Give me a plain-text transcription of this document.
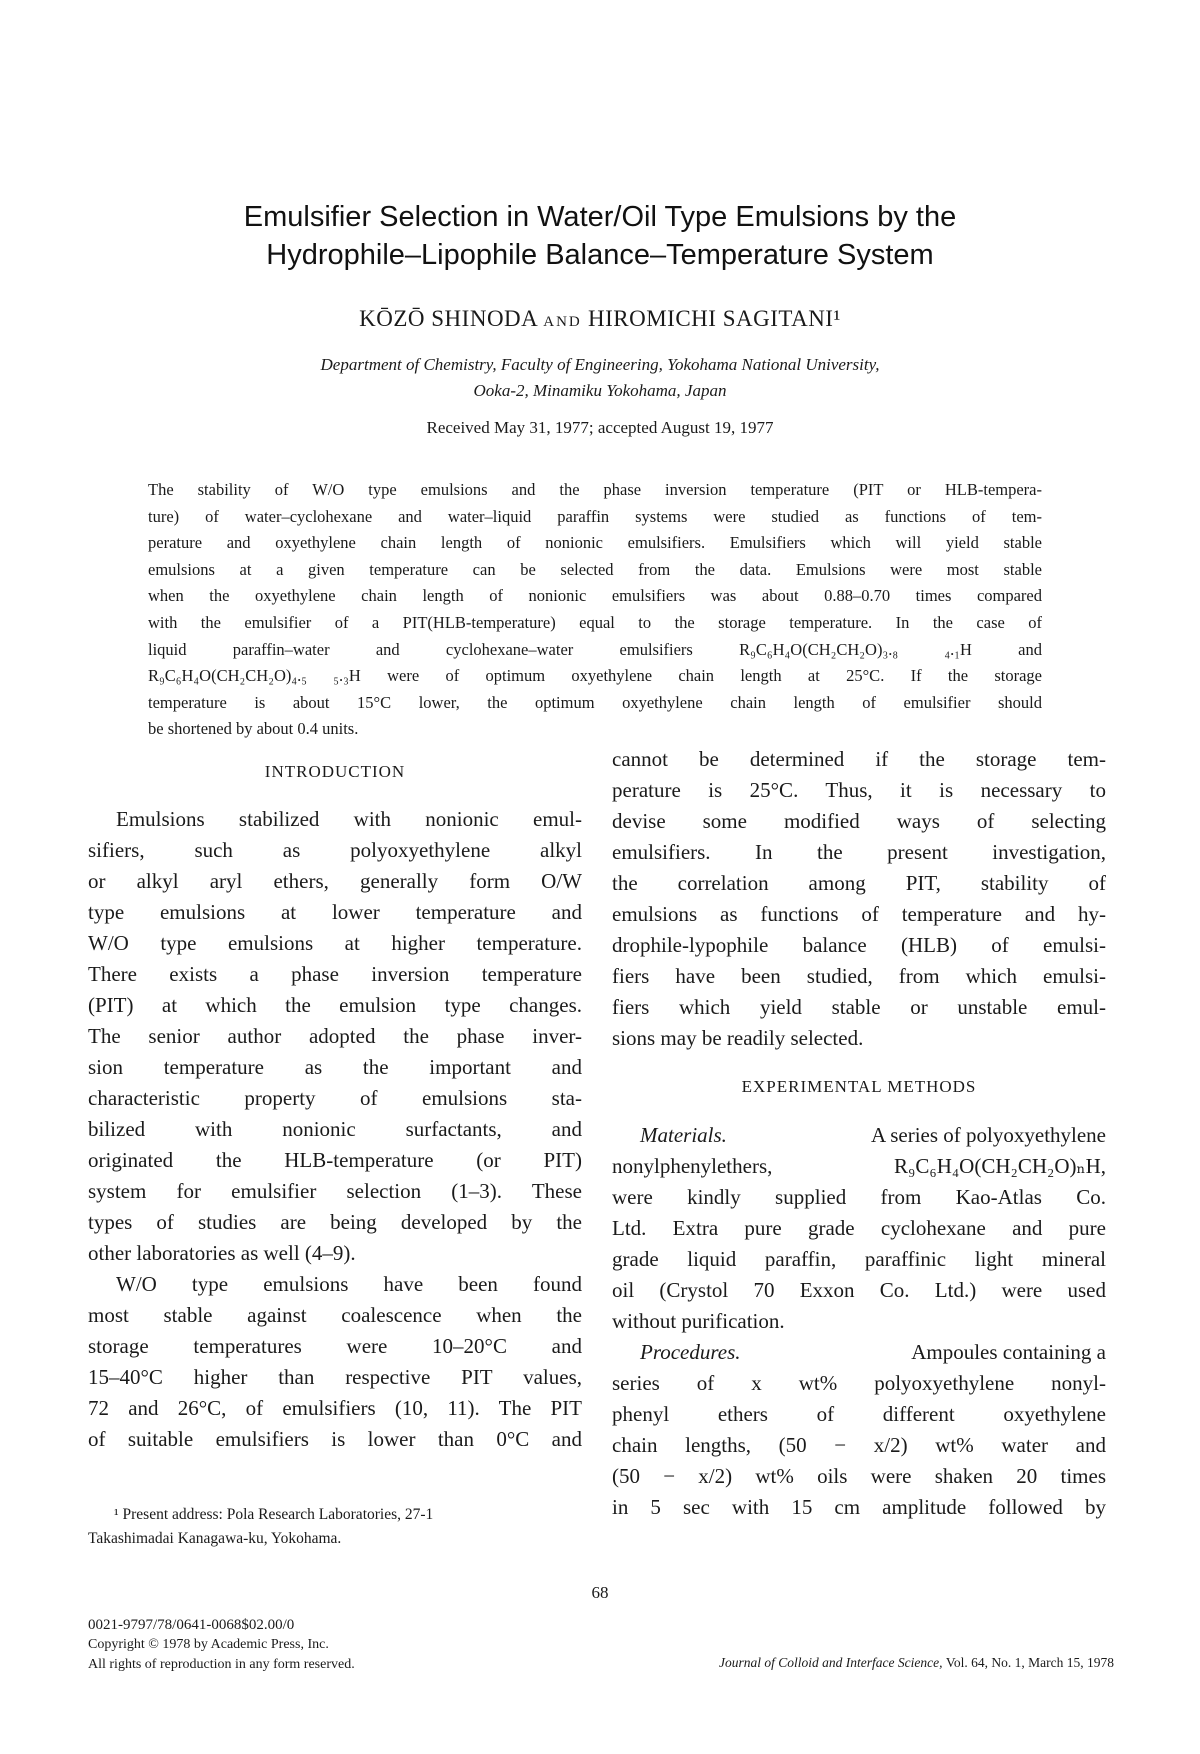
Emulsifier Selection in Water/Oil Type Emulsions by the
Hydrophile–Lipophile Balance–Temperature System
KŌZŌ SHINODA AND HIROMICHI SAGITANI¹
Department of Chemistry, Faculty of Engineering, Yokohama National University,
Ooka-2, Minamiku Yokohama, Japan
Received May 31, 1977; accepted August 19, 1977
The stability of W/O type emulsions and the phase inversion temperature (PIT or HLB-tempera-
ture) of water–cyclohexane and water–liquid paraffin systems were studied as functions of tem-
perature and oxyethylene chain length of nonionic emulsifiers. Emulsifiers which will yield stable
emulsions at a given temperature can be selected from the data. Emulsions were most stable
when the oxyethylene chain length of nonionic emulsifiers was about 0.88–0.70 times compared
with the emulsifier of a PIT(HLB-temperature) equal to the storage temperature. In the case of
liquid paraffin–water and cyclohexane–water emulsifiers R₉C₆H₄O(CH₂CH₂O)₃.₈ ₄.₁H and
R₉C₆H₄O(CH₂CH₂O)₄.₅ ₅.₃H were of optimum oxyethylene chain length at 25°C. If the storage
temperature is about 15°C lower, the optimum oxyethylene chain length of emulsifier should
be shortened by about 0.4 units.
INTRODUCTION
Emulsions stabilized with nonionic emul-
sifiers, such as polyoxyethylene alkyl
or alkyl aryl ethers, generally form O/W
type emulsions at lower temperature and
W/O type emulsions at higher temperature.
There exists a phase inversion temperature
(PIT) at which the emulsion type changes.
The senior author adopted the phase inver-
sion temperature as the important and
characteristic property of emulsions sta-
bilized with nonionic surfactants, and
originated the HLB-temperature (or PIT)
system for emulsifier selection (1–3). These
types of studies are being developed by the
other laboratories as well (4–9).
W/O type emulsions have been found
most stable against coalescence when the
storage temperatures were 10–20°C and
15–40°C higher than respective PIT values,
72 and 26°C, of emulsifiers (10, 11). The PIT
of suitable emulsifiers is lower than 0°C and
¹ Present address: Pola Research Laboratories, 27-1
Takashimadai Kanagawa-ku, Yokohama.
cannot be determined if the storage tem-
perature is 25°C. Thus, it is necessary to
devise some modified ways of selecting
emulsifiers. In the present investigation,
the correlation among PIT, stability of
emulsions as functions of temperature and hy-
drophile-lypophile balance (HLB) of emulsi-
fiers have been studied, from which emulsi-
fiers which yield stable or unstable emul-
sions may be readily selected.
EXPERIMENTAL METHODS
Materials.	A series of polyoxyethylene
nonylphenylethers, R₉C₆H₄O(CH₂CH₂O)ₙH,
were kindly supplied from Kao-Atlas Co.
Ltd. Extra pure grade cyclohexane and pure
grade liquid paraffin, paraffinic light mineral
oil (Crystol 70 Exxon Co. Ltd.) were used
without purification.
Procedures.	Ampoules containing a
series of x wt% polyoxyethylene nonyl-
phenyl ethers of different oxyethylene
chain lengths, (50 − x/2) wt% water and
(50 − x/2) wt% oils were shaken 20 times
in 5 sec with 15 cm amplitude followed by
68
0021-9797/78/0641-0068$02.00/0
Copyright © 1978 by Academic Press, Inc.
All rights of reproduction in any form reserved.	Journal of Colloid and Interface Science, Vol. 64, No. 1, March 15, 1978
